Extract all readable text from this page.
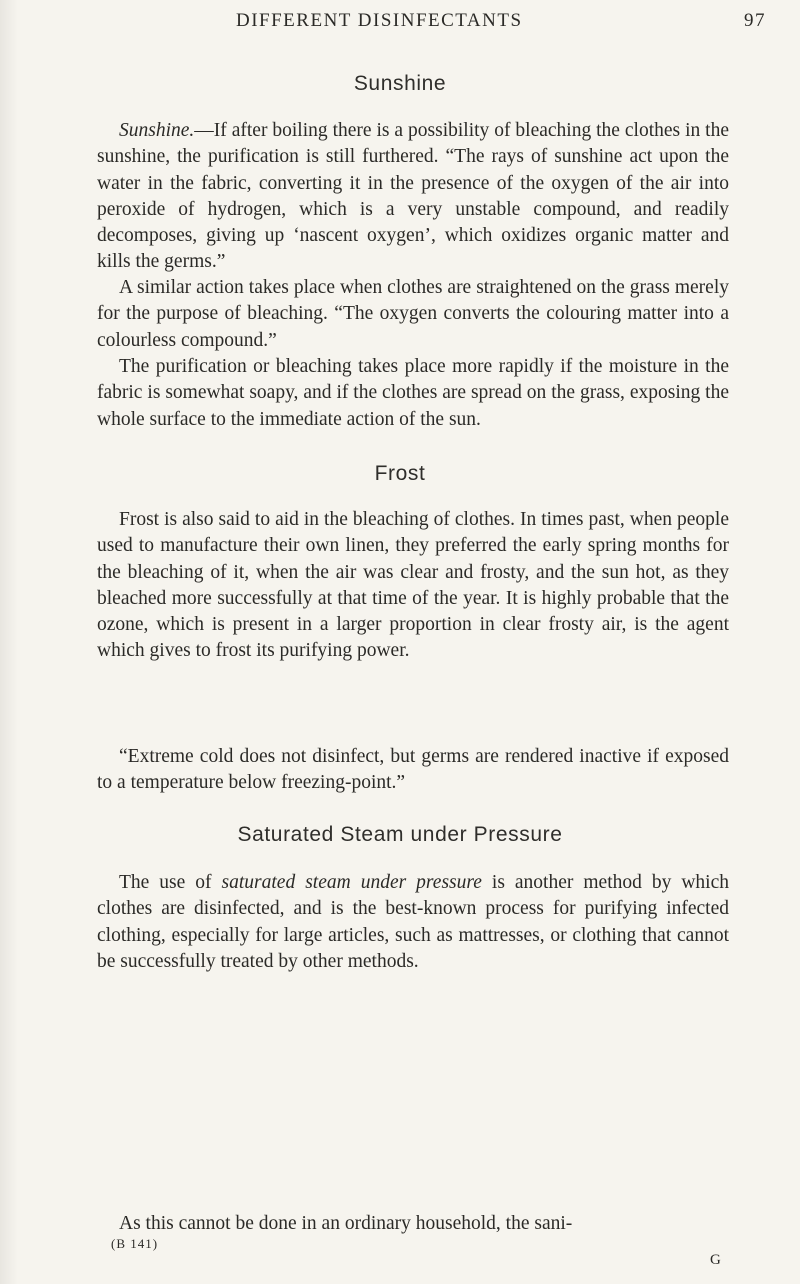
DIFFERENT DISINFECTANTS	97
Sunshine

Sunshine.—If after boiling there is a possibility of bleaching the clothes in the sunshine, the purification is still furthered. “The rays of sunshine act upon the water in the fabric, converting it in the presence of the oxygen of the air into peroxide of hydrogen, which is a very unstable compound, and readily decomposes, giving up ‘nascent oxygen’, which oxidizes organic matter and kills the germs.”

A similar action takes place when clothes are straightened on the grass merely for the purpose of bleaching. “The oxygen converts the colouring matter into a colourless compound.”

The purification or bleaching takes place more rapidly if the moisture in the fabric is somewhat soapy, and if the clothes are spread on the grass, exposing the whole surface to the immediate action of the sun.

Frost

Frost is also said to aid in the bleaching of clothes. In times past, when people used to manufacture their own linen, they preferred the early spring months for the bleaching of it, when the air was clear and frosty, and the sun hot, as they bleached more successfully at that time of the year. It is highly probable that the ozone, which is present in a larger proportion in clear frosty air, is the agent which gives to frost its purifying power.

“Extreme cold does not disinfect, but germs are rendered inactive if exposed to a temperature below freezing-point.”

Saturated Steam under Pressure

The use of saturated steam under pressure is another method by which clothes are disinfected, and is the best-known process for purifying infected clothing, especially for large articles, such as mattresses, or clothing that cannot be successfully treated by other methods.

As this cannot be done in an ordinary household, the sani-

(B 141)
G
